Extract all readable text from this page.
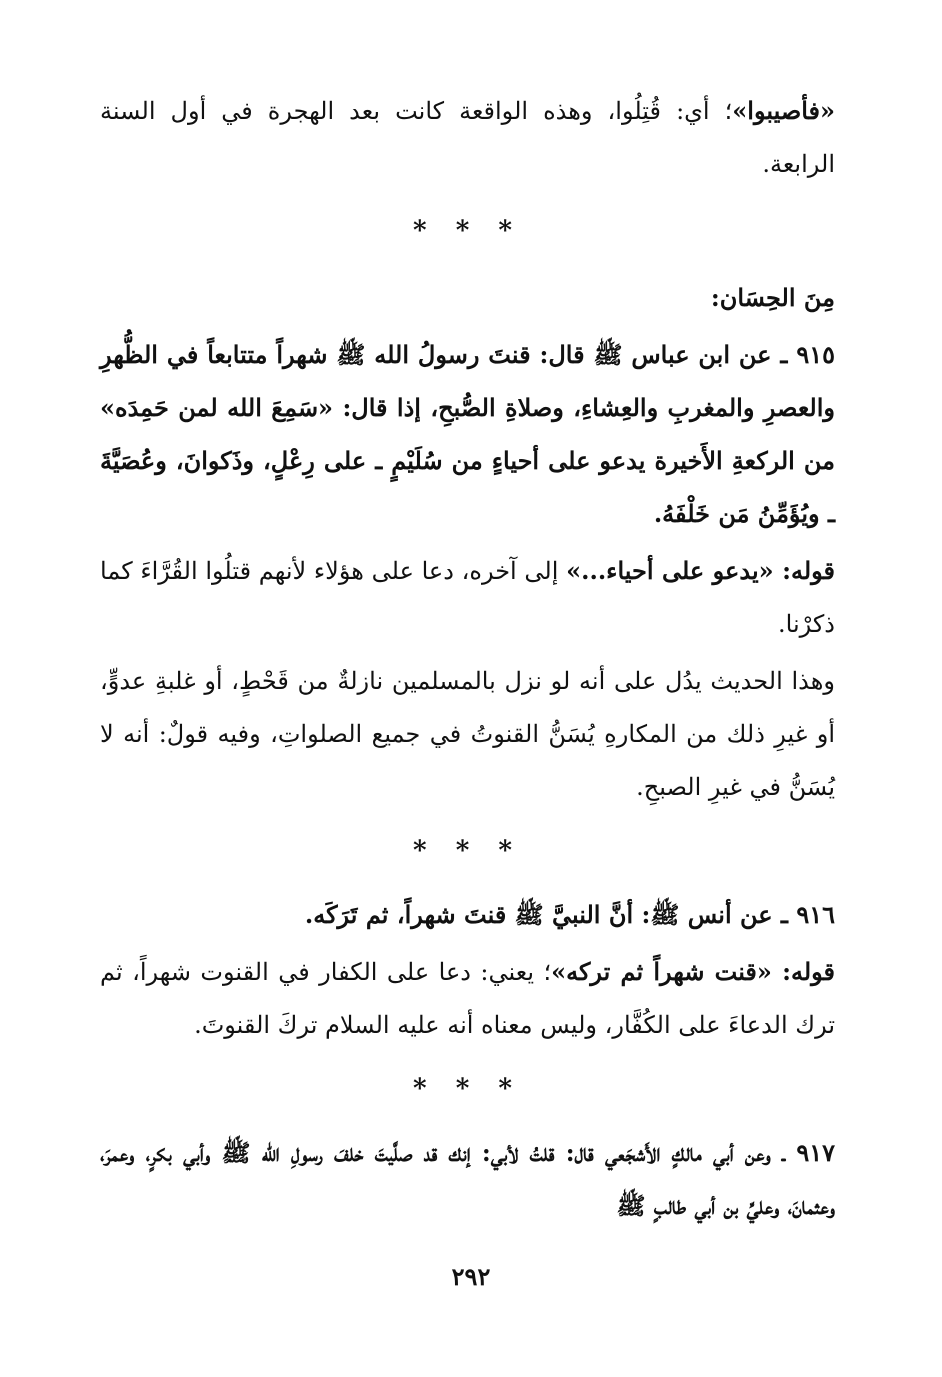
«فأصيبوا»؛ أي: قُتِلُوا، وهذه الواقعة كانت بعد الهجرة في أول السنة الرابعة.

* * *

مِنَ الحِسَان:

٩١٥ ـ عن ابن عباس ﷺ قال: قنتَ رسولُ الله ﷺ شهراً متتابعاً في الظُّهرِ والعصرِ والمغربِ والعِشاءِ، وصلاةِ الصُّبحِ، إذا قال: «سَمِعَ الله لمن حَمِدَه» من الركعةِ الأَخيرة يدعو على أحياءٍ من سُلَيْمٍ ـ على رِعْلٍ، وذَكوانَ، وعُصَيَّةَ ـ ويُؤَمِّنُ مَن خَلْفَهُ.

قوله: «يدعو على أحياء...» إلى آخره، دعا على هؤلاء لأنهم قتلُوا القُرَّاءَ كما ذكرْنا.

وهذا الحديث يدُل على أنه لو نزل بالمسلمين نازلةٌ من قَحْطٍ، أو غلبةِ عدوٍّ، أو غيرِ ذلك من المكارهِ يُسَنُّ القنوتُ في جميع الصلواتِ، وفيه قولٌ: أنه لا يُسَنُّ في غيرِ الصبحِ.

* * *

٩١٦ ـ عن أنس ﷺ: أنَّ النبيَّ ﷺ قنتَ شهراً، ثم تَرَكَه.

قوله: «قنت شهراً ثم تركه»؛ يعني: دعا على الكفار في القنوت شهراً، ثم ترك الدعاءَ على الكُفَّار، وليس معناه أنه عليه السلام تركَ القنوتَ.

* * *

٩١٧ ـ وعن أبي مالكٍ الأَشجَعي قال: قلتُ لأبي: إنك قد صلَّيتَ خلفَ رسولِ الله ﷺ وأبي بكرٍ، وعمرَ، وعثمانَ، وعليِّ بن أبي طالبٍ ﷺ

٢٩٢
